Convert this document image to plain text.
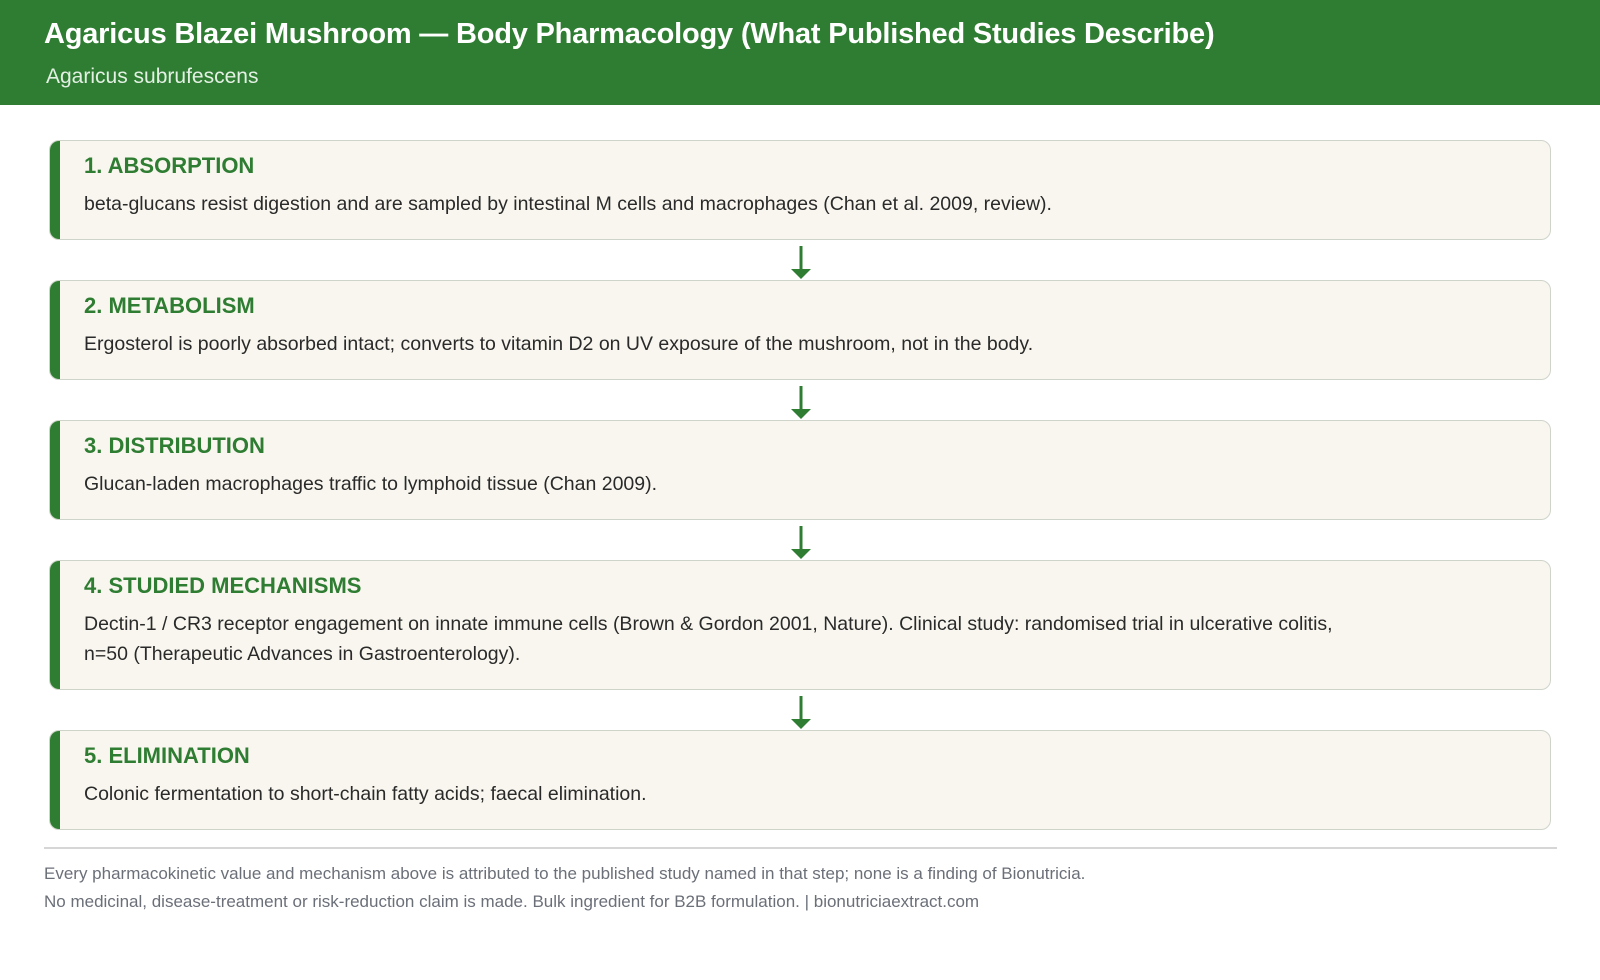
Agaricus Blazei Mushroom — Body Pharmacology (What Published Studies Describe)
Agaricus subrufescens
1. ABSORPTION
beta-glucans resist digestion and are sampled by intestinal M cells and macrophages (Chan et al. 2009, review).
2. METABOLISM
Ergosterol is poorly absorbed intact; converts to vitamin D2 on UV exposure of the mushroom, not in the body.
3. DISTRIBUTION
Glucan-laden macrophages traffic to lymphoid tissue (Chan 2009).
4. STUDIED MECHANISMS
Dectin-1 / CR3 receptor engagement on innate immune cells (Brown & Gordon 2001, Nature). Clinical study: randomised trial in ulcerative colitis, n=50 (Therapeutic Advances in Gastroenterology).
5. ELIMINATION
Colonic fermentation to short-chain fatty acids; faecal elimination.
Every pharmacokinetic value and mechanism above is attributed to the published study named in that step; none is a finding of Bionutricia.
No medicinal, disease-treatment or risk-reduction claim is made. Bulk ingredient for B2B formulation. | bionutriciaextract.com
